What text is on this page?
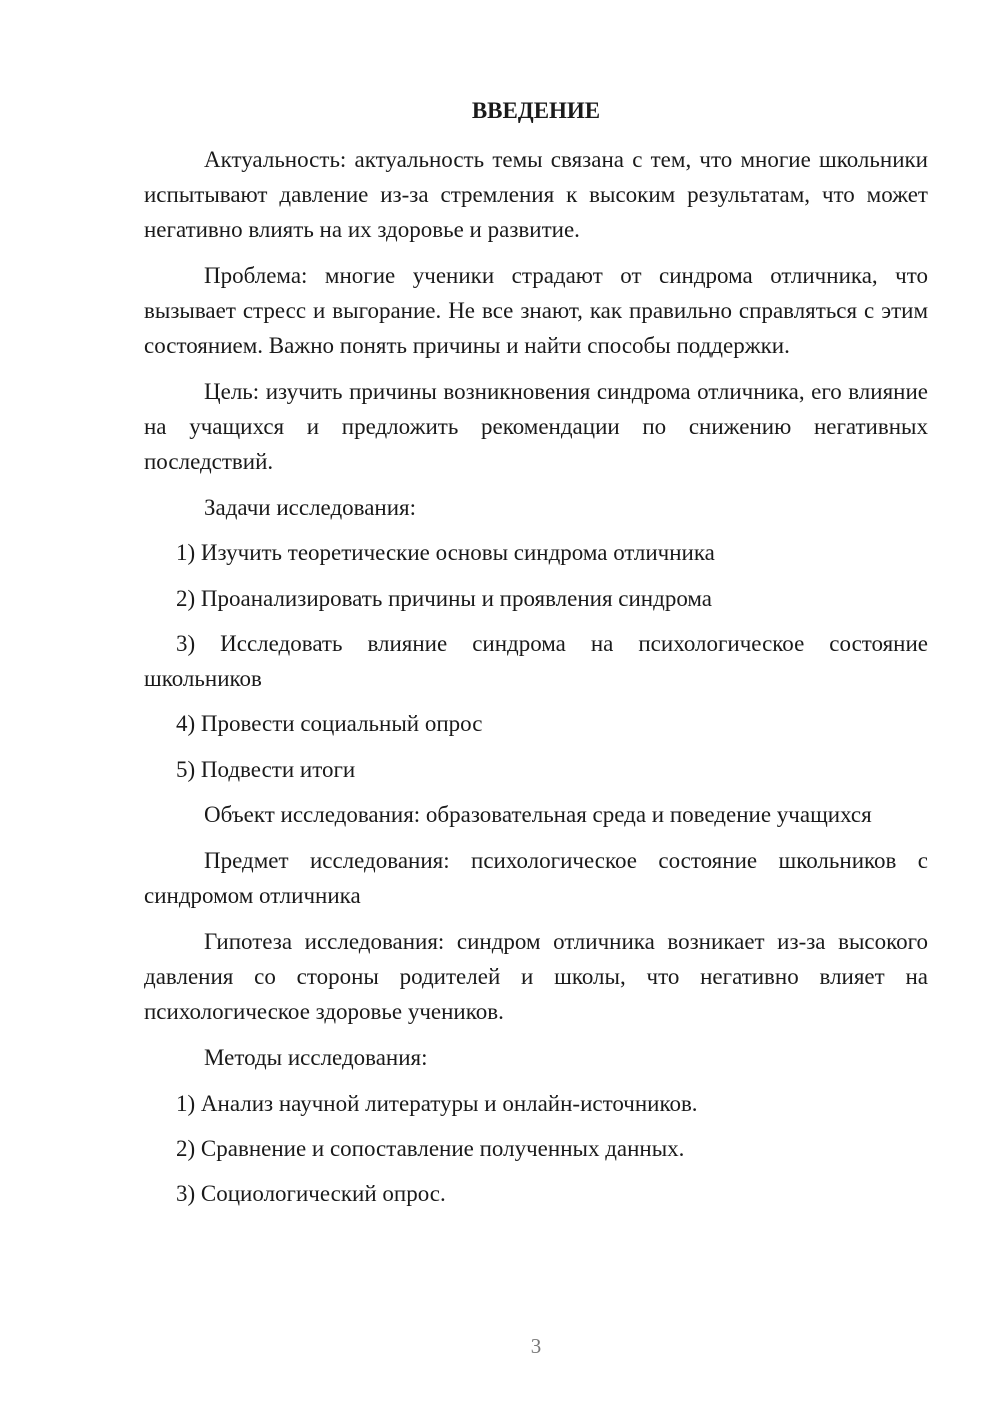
ВВЕДЕНИЕ

Актуальность: актуальность темы связана с тем, что многие школьники испытывают давление из-за стремления к высоким результатам, что может негативно влиять на их здоровье и развитие.

Проблема: многие ученики страдают от синдрома отличника, что вызывает стресс и выгорание. Не все знают, как правильно справляться с этим состоянием. Важно понять причины и найти способы поддержки.

Цель: изучить причины возникновения синдрома отличника, его влияние на учащихся и предложить рекомендации по снижению негативных последствий.

Задачи исследования:

1) Изучить теоретические основы синдрома отличника

2) Проанализировать причины и проявления синдрома

3) Исследовать влияние синдрома на психологическое состояние школьников

4) Провести социальный опрос

5) Подвести итоги

Объект исследования: образовательная среда и поведение учащихся

Предмет исследования: психологическое состояние школьников с синдромом отличника

Гипотеза исследования: синдром отличника возникает из-за высокого давления со стороны родителей и школы, что негативно влияет на психологическое здоровье учеников.

Методы исследования:

1) Анализ научной литературы и онлайн-источников.

2) Сравнение и сопоставление полученных данных.

3) Социологический опрос.

3
